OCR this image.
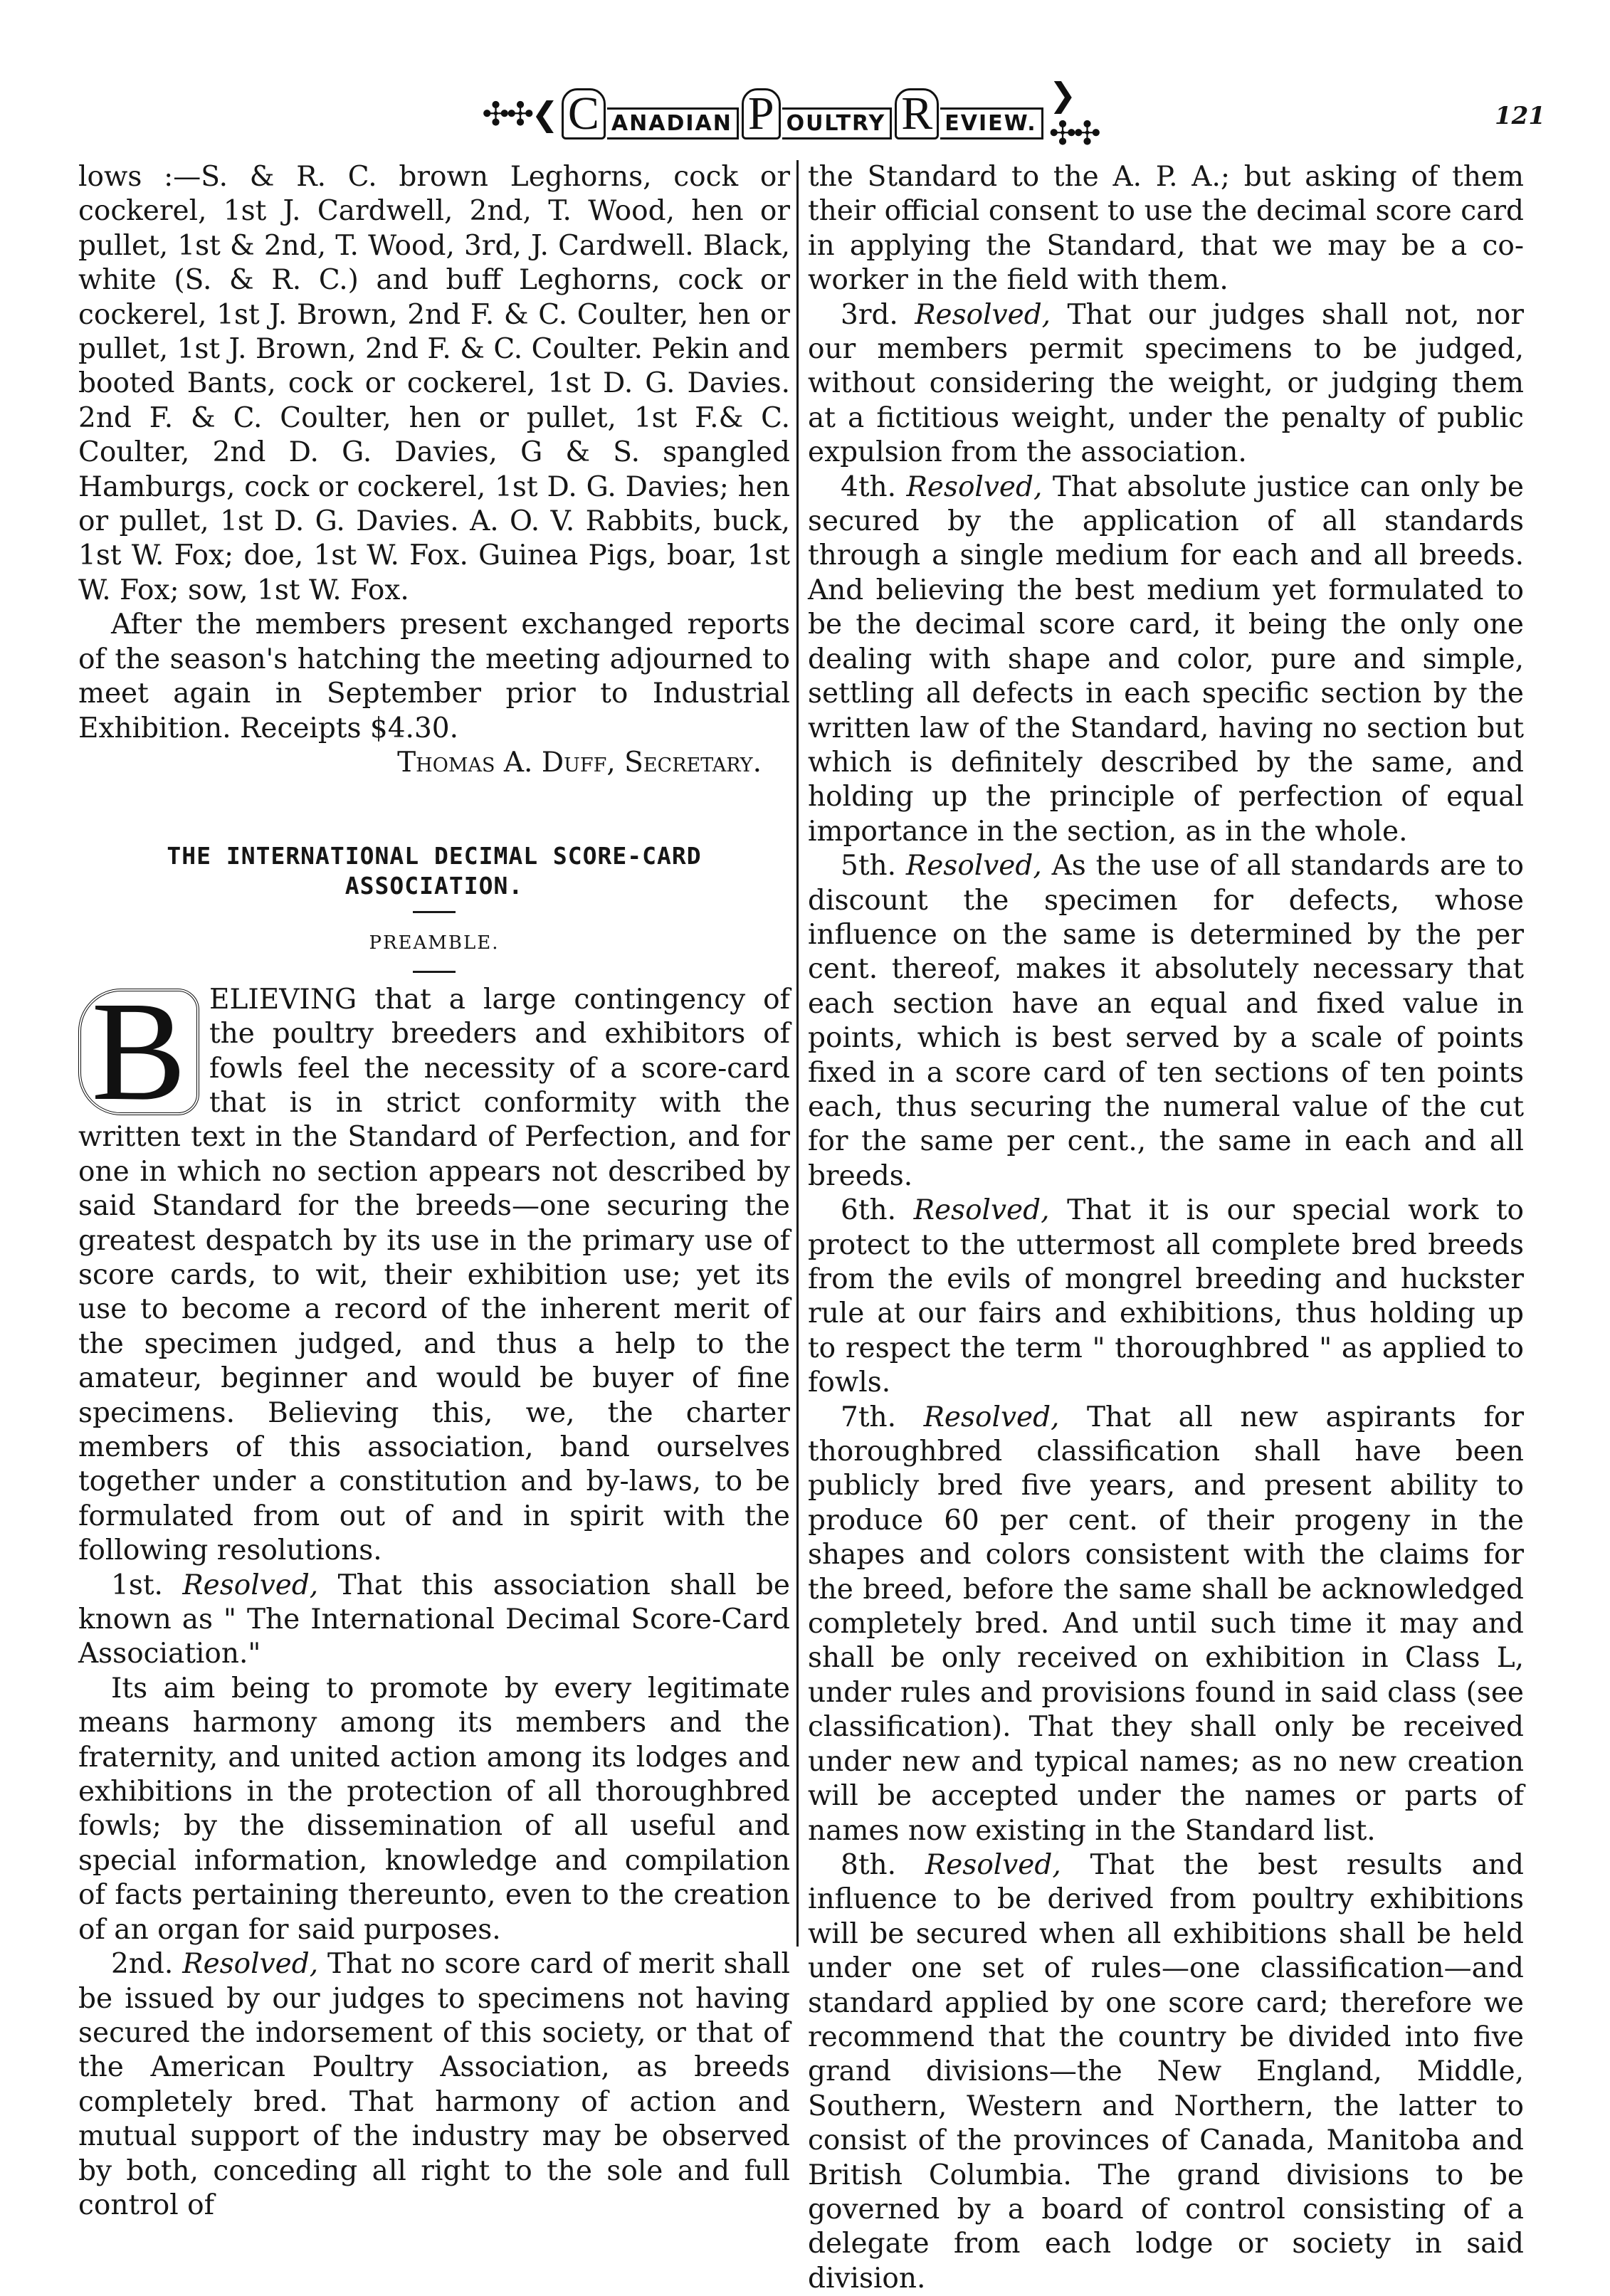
✣✣❮ C ANADIAN P OULTRY R EVIEW.
❯✣✣	121

lows :—S. & R. C. brown Leghorns, cock or cockerel, 1st J. Cardwell, 2nd, T. Wood, hen or pullet, 1st & 2nd, T. Wood, 3rd, J. Cardwell. Black, white (S. & R. C.) and buff Leghorns, cock or cockerel, 1st J. Brown, 2nd F. & C. Coulter, hen or pullet, 1st J. Brown, 2nd F. & C. Coulter. Pekin and booted Bants, cock or cockerel, 1st D. G. Davies. 2nd F. & C. Coulter, hen or pullet, 1st F.& C. Coulter, 2nd D. G. Davies, G & S. spangled Hamburgs, cock or cockerel, 1st D. G. Davies; hen or pullet, 1st D. G. Davies. A. O. V. Rabbits, buck, 1st W. Fox; doe, 1st W. Fox. Guinea Pigs, boar, 1st W. Fox; sow, 1st W. Fox.

After the members present exchanged reports of the season's hatching the meeting adjourned to meet again in September prior to Industrial Exhibition. Receipts $4.30.

Thomas A. Duff, Secretary.

THE INTERNATIONAL DECIMAL SCORE-CARD ASSOCIATION.
PREAMBLE.
B ELIEVING that a large contingency of the poultry breeders and exhibitors of fowls feel the necessity of a score-card that is in strict conformity with the written text in the Standard of Perfection, and for one in which no section appears not described by said Standard for the breeds—one securing the greatest despatch by its use in the primary use of score cards, to wit, their exhibition use; yet its use to become a record of the inherent merit of the specimen judged, and thus a help to the amateur, beginner and would be buyer of fine specimens. Believing this, we, the charter members of this association, band ourselves together under a constitution and by-laws, to be formulated from out of and in spirit with the following resolutions.

1st. Resolved, That this association shall be known as " The International Decimal Score-Card Association."

Its aim being to promote by every legitimate means harmony among its members and the fraternity, and united action among its lodges and exhibitions in the protection of all thoroughbred fowls; by the dissemination of all useful and special information, knowledge and compilation of facts pertaining thereunto, even to the creation of an organ for said purposes.

2nd. Resolved, That no score card of merit shall be issued by our judges to specimens not having secured the indorsement of this society, or that of the American Poultry Association, as breeds completely bred. That harmony of action and mutual support of the industry may be observed by both, conceding all right to the sole and full control of

the Standard to the A. P. A.; but asking of them their official consent to use the decimal score card in applying the Standard, that we may be a co-worker in the field with them.

3rd. Resolved, That our judges shall not, nor our members permit specimens to be judged, without considering the weight, or judging them at a fictitious weight, under the penalty of public expulsion from the association.

4th. Resolved, That absolute justice can only be secured by the application of all standards through a single medium for each and all breeds. And believing the best medium yet formulated to be the decimal score card, it being the only one dealing with shape and color, pure and simple, settling all defects in each specific section by the written law of the Standard, having no section but which is definitely described by the same, and holding up the principle of perfection of equal importance in the section, as in the whole.

5th. Resolved, As the use of all standards are to discount the specimen for defects, whose influence on the same is determined by the per cent. thereof, makes it absolutely necessary that each section have an equal and fixed value in points, which is best served by a scale of points fixed in a score card of ten sections of ten points each, thus securing the numeral value of the cut for the same per cent., the same in each and all breeds.

6th. Resolved, That it is our special work to protect to the uttermost all complete bred breeds from the evils of mongrel breeding and huckster rule at our fairs and exhibitions, thus holding up to respect the term " thoroughbred " as applied to fowls.

7th. Resolved, That all new aspirants for thoroughbred classification shall have been publicly bred five years, and present ability to produce 60 per cent. of their progeny in the shapes and colors consistent with the claims for the breed, before the same shall be acknowledged completely bred. And until such time it may and shall be only received on exhibition in Class L, under rules and provisions found in said class (see classification). That they shall only be received under new and typical names; as no new creation will be accepted under the names or parts of names now existing in the Standard list.

8th. Resolved, That the best results and influence to be derived from poultry exhibitions will be secured when all exhibitions shall be held under one set of rules—one classification—and standard applied by one score card; therefore we recommend that the country be divided into five grand divisions—the New England, Middle, Southern, Western and Northern, the latter to consist of the provinces of Canada, Manitoba and British Columbia. The grand divisions to be governed by a board of control consisting of a delegate from each lodge or society in said division.
